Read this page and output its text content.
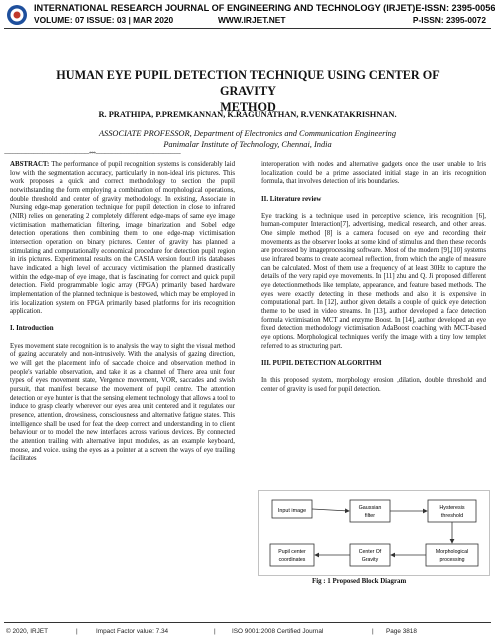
INTERNATIONAL RESEARCH JOURNAL OF ENGINEERING AND TECHNOLOGY (IRJET)E-ISSN: 2395-0056
VOLUME: 07 ISSUE: 03 | MAR 2020	WWW.IRJET.NET	P-ISSN: 2395-0072
HUMAN EYE PUPIL DETECTION TECHNIQUE USING CENTER OF GRAVITY
METHOD
R. PRATHIPA, P.PREMKANNAN, K.RAGUNATHAN, R.VENKATAKRISHNAN.
ASSOCIATE PROFESSOR, Department of Electronics and Communication Engineering
Panimalar Institute of Technology, Chennai, India
---------------------------------------------------------------------***---------------------------------------------------------------------

ABSTRACT: The performance of pupil recognition systems is considerably laid low with the segmentation accuracy, particularly in non-ideal iris pictures. This work proposes a quick and correct methodology to section the pupil notwithstanding the form employing a combination of morphological operations, double threshold and center of gravity methodology. In existing, Associate in Nursing edge-map generation technique for pupil detection in close to infrared (NIR) relies on generating 2 completely different edge-maps of same eye image victimisation mathematician filtering, image binarization and Sobel edge detection operations then combining them to one edge-map victimisation intersection operation on binary pictures. Center of gravity has planned a stimulating and computationally economical procedure for detection pupil region in iris pictures. Experimental results on the CASIA version four.0 iris databases have indicated a high level of accuracy victimisation the planned drastically within the edge-map of eye image, that is fascinating for correct and quick pupil detection. Field programmable logic array (FPGA) primarily based hardware implementation of the planned technique is bestowed, which may be employed in iris localization system on FPGA primarily based platforms for iris recognition application.

I. Introduction

Eyes movement state recognition is to analysis the way to sight the visual method of gazing accurately and non-intrusively. With the analysis of gazing direction, we will get the placement info of saccade choice and observation method in people's variable observation, and take it as a channel of There area unit four types of eyes movement state, Vergence movement, VOR, saccades and swish pursuit, that manifest because the movement of pupil centre. The attention detection or eye hunter is that the sensing element technology that allows a tool to induce to grasp clearly wherever our eyes area unit centered and it regulates our presence, attention, drowsiness, consciousness and alternative fatigue states. This intelligence shall be used for feat the deep correct and understanding in to client behaviour or to model the new interfaces across various devices. By connected the attention trailing with alternative input modules, as an example keyboard, mouse, and voice. using the eyes as a pointer at a screen the ways of eye trailing facilitates

interoperation with nodes and alternative gadgets once the user unable to Iris localization could be a prime associated initial stage in an iris recognition formula, that involves detection of iris boundaries.

II. Literature review

Eye tracking is a technique used in perceptive science, iris recognition [6], human-computer Interaction[7], advertising, medical research, and other areas. One simple method [8] is a camera focused on eye and recording their movements as the observer looks at some kind of stimulus and then these records are processed by imageprocessing software. Most of the modern [9],[10] systems use infrared beams to create acorneal reflection, from which the angle of measure can be calculated. Most of them use a frequency of at least 30Hz to capture the details of the very rapid eye movements. In [11] zhu and Q. Ji proposed different eye detectionmethods like template, appearance, and feature based methods. The eyes were exactly detecting in these methods and also it is expensive in computational part. In [12], author given details a couple of quick eye detection theme to be used in video streams. In [13], author developed a face detection formula victimisation MCT and enzyme Boost. In [14], author developed an eye fixed detection methodology victimisation AdaBoost coaching with MCT-based eye options. Morphological techniques verify the image with a tiny low templet referred to as structuring part.

III. PUPIL DETECTION ALGORITHM

In this proposed system, morphology erosion ,dilation, double threshold and center of gravity is used for pupil detection.

Input image	Gaussian
filter
Hysteresis
threshold
Pupil center
coordinates
Center Of
Gravity
Morphological
processing
Fig : 1 Proposed Block Diagram
© 2020, IRJET	|	Impact Factor value: 7.34	|	ISO 9001:2008 Certified Journal	| Page 3818
